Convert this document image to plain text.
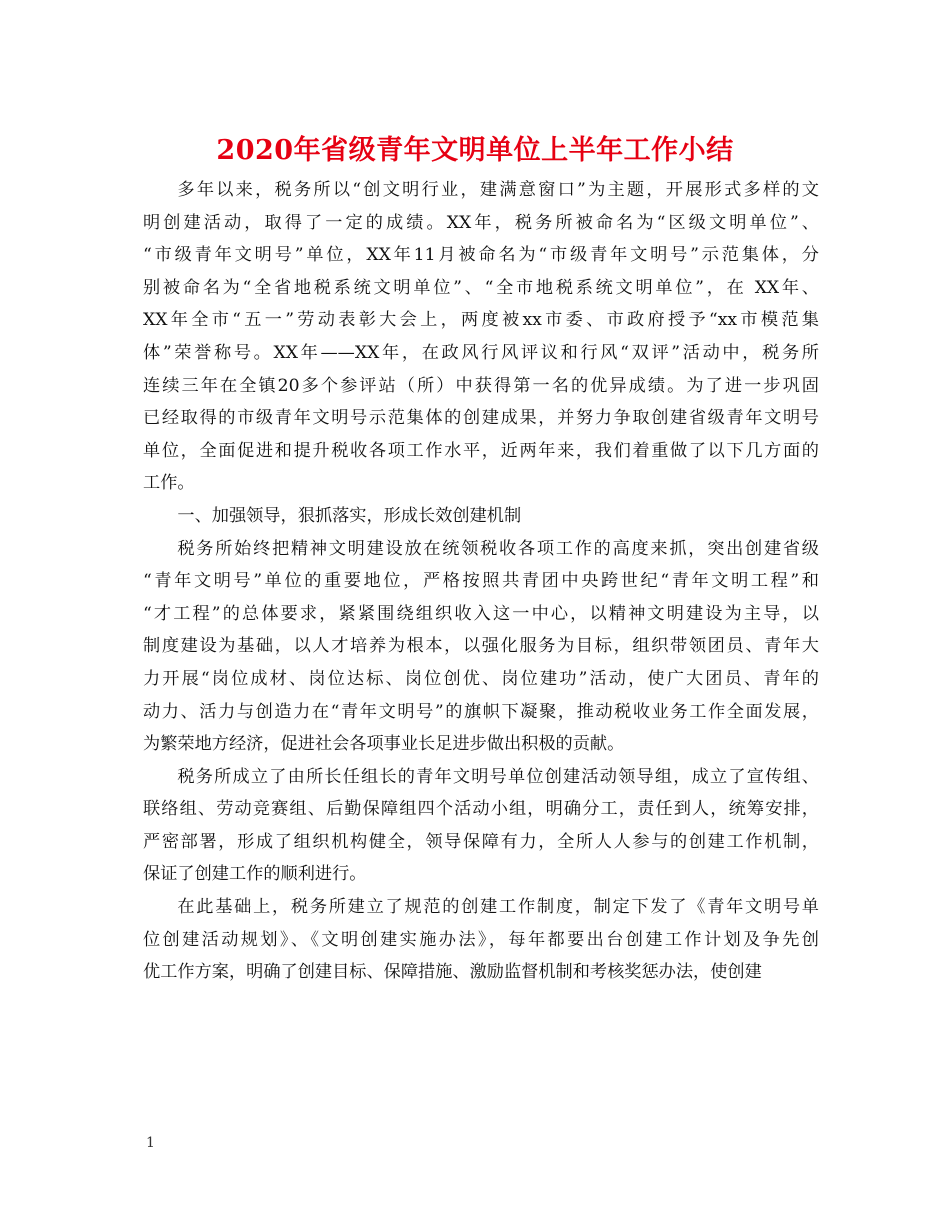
2020年省级青年文明单位上半年工作小结
多年以来，税务所以“创文明行业，建满意窗口”为主题，开展形式多样的文
明创建活动，取得了一定的成绩。XX年，税务所被命名为“区级文明单位”、
“市级青年文明号”单位，XX年11月被命名为“市级青年文明号”示范集体，分
别被命名为“全省地税系统文明单位”、“全市地税系统文明单位”，在 XX年、
XX年全市“五一”劳动表彰大会上，两度被xx市委、市政府授予“xx市模范集
体”荣誉称号。XX年——XX年，在政风行风评议和行风“双评”活动中，税务所
连续三年在全镇20多个参评站（所）中获得第一名的优异成绩。为了进一步巩固
已经取得的市级青年文明号示范集体的创建成果，并努力争取创建省级青年文明号
单位，全面促进和提升税收各项工作水平，近两年来，我们着重做了以下几方面的
工作。
一、加强领导，狠抓落实，形成长效创建机制
税务所始终把精神文明建设放在统领税收各项工作的高度来抓，突出创建省级
“青年文明号”单位的重要地位，严格按照共青团中央跨世纪“青年文明工程”和
“才工程”的总体要求，紧紧围绕组织收入这一中心，以精神文明建设为主导，以
制度建设为基础，以人才培养为根本，以强化服务为目标，组织带领团员、青年大
力开展“岗位成材、岗位达标、岗位创优、岗位建功”活动，使广大团员、青年的
动力、活力与创造力在“青年文明号”的旗帜下凝聚，推动税收业务工作全面发展，
为繁荣地方经济，促进社会各项事业长足进步做出积极的贡献。
税务所成立了由所长任组长的青年文明号单位创建活动领导组，成立了宣传组、
联络组、劳动竞赛组、后勤保障组四个活动小组，明确分工，责任到人，统筹安排，
严密部署，形成了组织机构健全，领导保障有力，全所人人参与的创建工作机制，
保证了创建工作的顺利进行。
在此基础上，税务所建立了规范的创建工作制度，制定下发了《青年文明号单
位创建活动规划》、《文明创建实施办法》，每年都要出台创建工作计划及争先创
优工作方案，明确了创建目标、保障措施、激励监督机制和考核奖惩办法，使创建
1
